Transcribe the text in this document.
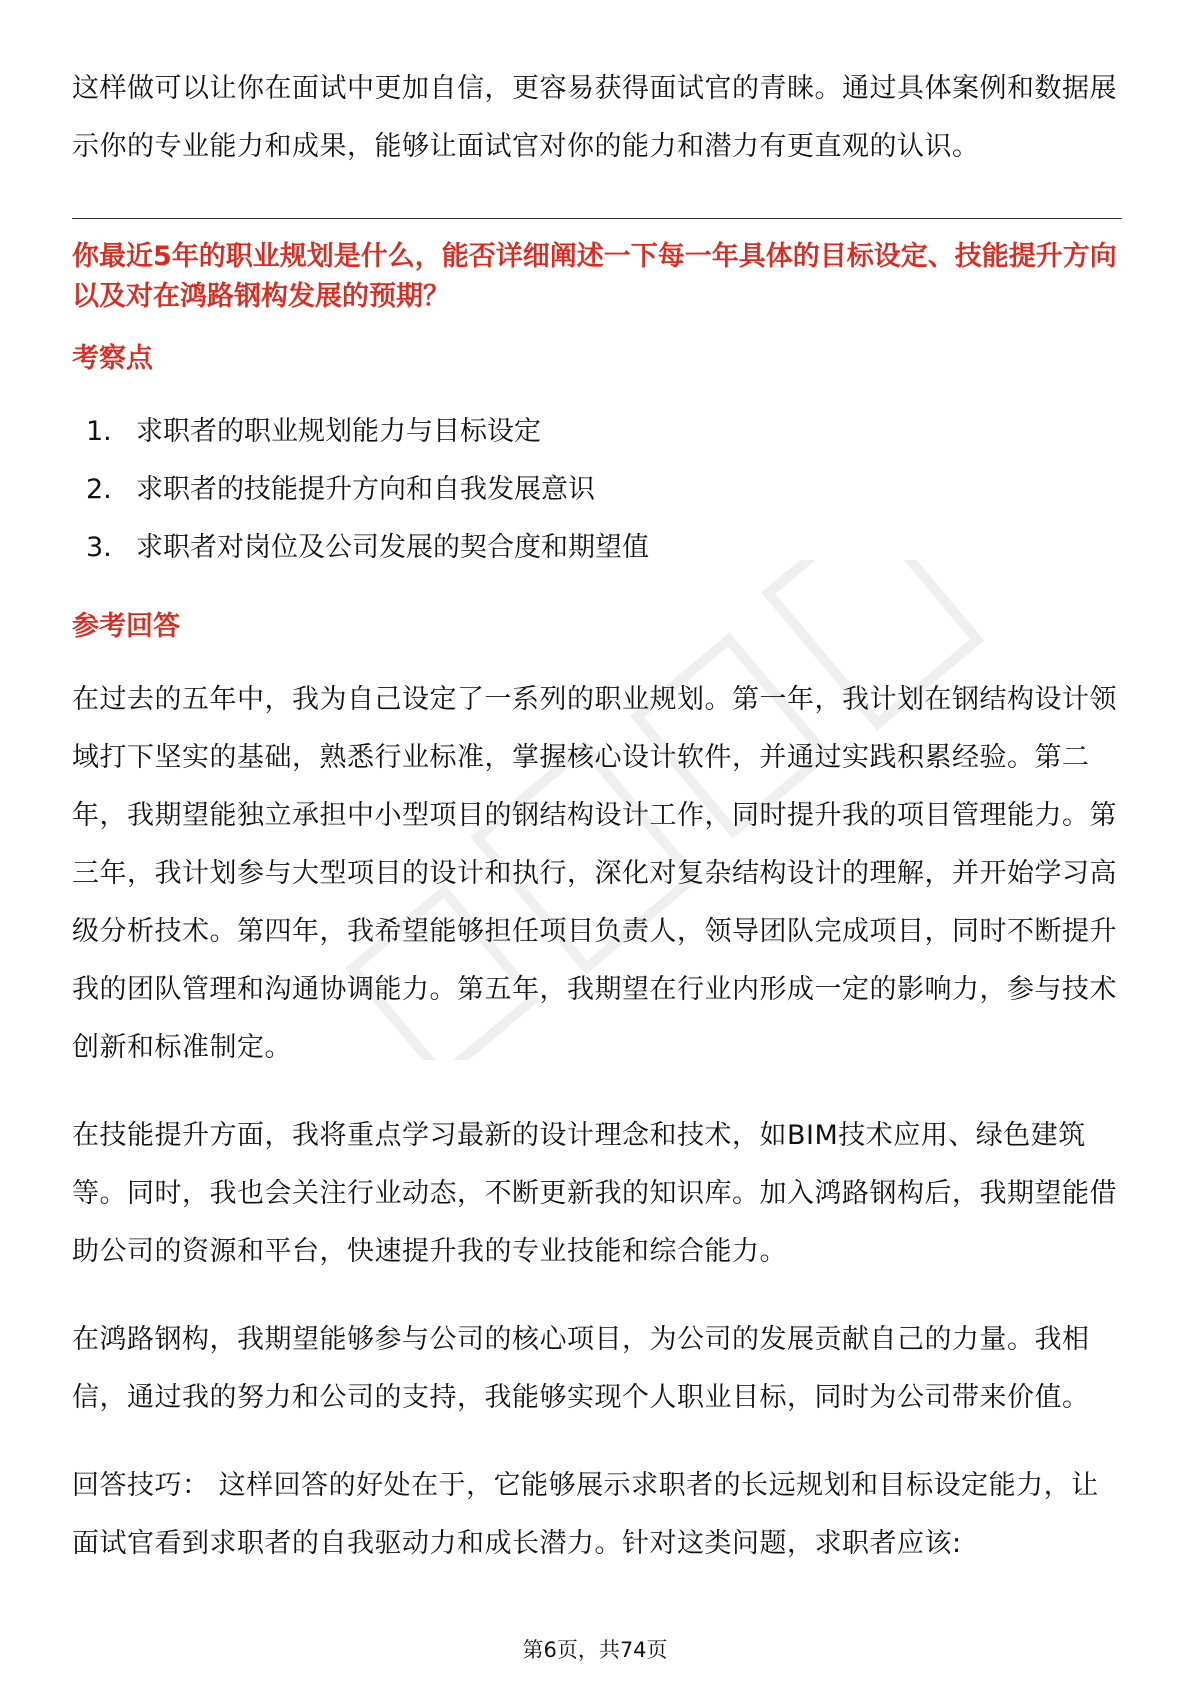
这样做可以让你在面试中更加自信，更容易获得面试官的青睐。通过具体案例和数据展示你的专业能力和成果，能够让面试官对你的能力和潜力有更直观的认识。

你最近5年的职业规划是什么，能否详细阐述一下每一年具体的目标设定、技能提升方向以及对在鸿路钢构发展的预期？

考察点
1. 求职者的职业规划能力与目标设定
2. 求职者的技能提升方向和自我发展意识
3. 求职者对岗位及公司发展的契合度和期望值
参考回答

在过去的五年中，我为自己设定了一系列的职业规划。第一年，我计划在钢结构设计领域打下坚实的基础，熟悉行业标准，掌握核心设计软件，并通过实践积累经验。第二年，我期望能独立承担中小型项目的钢结构设计工作，同时提升我的项目管理能力。第三年，我计划参与大型项目的设计和执行，深化对复杂结构设计的理解，并开始学习高级分析技术。第四年，我希望能够担任项目负责人，领导团队完成项目，同时不断提升我的团队管理和沟通协调能力。第五年，我期望在行业内形成一定的影响力，参与技术创新和标准制定。

在技能提升方面，我将重点学习最新的设计理念和技术，如BIM技术应用、绿色建筑等。同时，我也会关注行业动态，不断更新我的知识库。加入鸿路钢构后，我期望能借助公司的资源和平台，快速提升我的专业技能和综合能力。

在鸿路钢构，我期望能够参与公司的核心项目，为公司的发展贡献自己的力量。我相信，通过我的努力和公司的支持，我能够实现个人职业目标，同时为公司带来价值。

回答技巧： 这样回答的好处在于，它能够展示求职者的长远规划和目标设定能力，让面试官看到求职者的自我驱动力和成长潜力。针对这类问题，求职者应该:

第6页，共74页
